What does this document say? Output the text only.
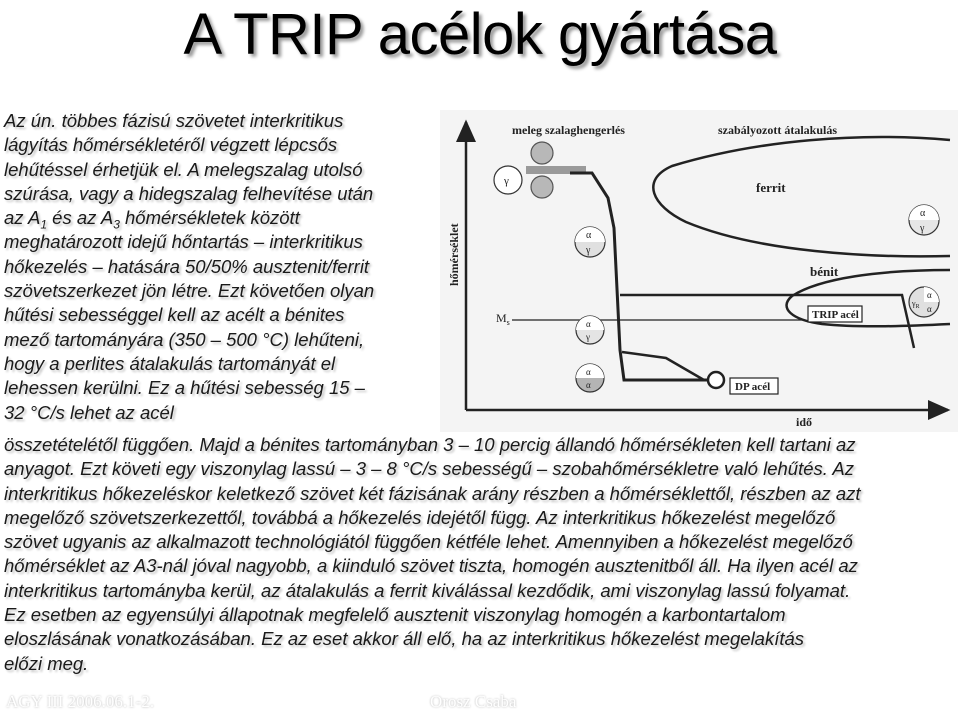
A TRIP acélok gyártása
Az ún. többes fázisú szövetet interkritikus
lágyítás hőmérsékletéről végzett lépcsős
lehűtéssel érhetjük el. A melegszalag utolsó
szúrása, vagy a hidegszalag felhevítése után
az $A_1$ és az $A_3$ hőmérsékletek között
meghatározott idejű hőntartás – interkritikus
hőkezelés – hatására 50/50% ausztenit/ferrit
szövetszerkezet jön létre. Ezt követően olyan
hűtési sebességgel kell az acélt a bénites
mező tartományára (350 – 500 °C) lehűteni,
hogy a perlites átalakulás tartományát el
lehessen kerülni. Ez a hűtési sebesség 15 –
32 °C/s lehet az acél
összetételétől függően. Majd a bénites tartományban 3 – 10 percig állandó hőmérsékleten kell tartani az
anyagot. Ezt követi egy viszonylag lassú – 3 – 8 °C/s sebességű – szobahőmérsékletre való lehűtés. Az
interkritikus hőkezeléskor keletkező szövet két fázisának arány részben a hőmérséklettől, részben az azt
megelőző szövetszerkezettől, továbbá a hőkezelés idejétől függ. Az interkritikus hőkezelést megelőző
szövet ugyanis az alkalmazott technológiától függően kétféle lehet. Amennyiben a hőkezelést megelőző
hőmérséklet az A3-nál jóval nagyobb, a kiinduló szövet tiszta, homogén ausztenitből áll. Ha ilyen acél az
interkritikus tartományba kerül, az átalakulás a ferrit kiválással kezdődik, ami viszonylag lassú folyamat.
Ez esetben az egyensúlyi állapotnak megfelelő ausztenit viszonylag homogén a karbontartalom
eloszlásának vonatkozásában. Ez az eset akkor áll elő, ha az interkritikus hőkezelést megelakítás
előzi meg.
meleg szalaghengerlés	szabályozott átalakulás
ferrit
bénit
$M_s$
hőmérséklet
idő
TRIP acél
DP acél
γ
α
γ
α
γ
α
α
$\gamma_R$
α
γ
α
α
AGY III 2006.06.1-2.	Orosz Csaba
